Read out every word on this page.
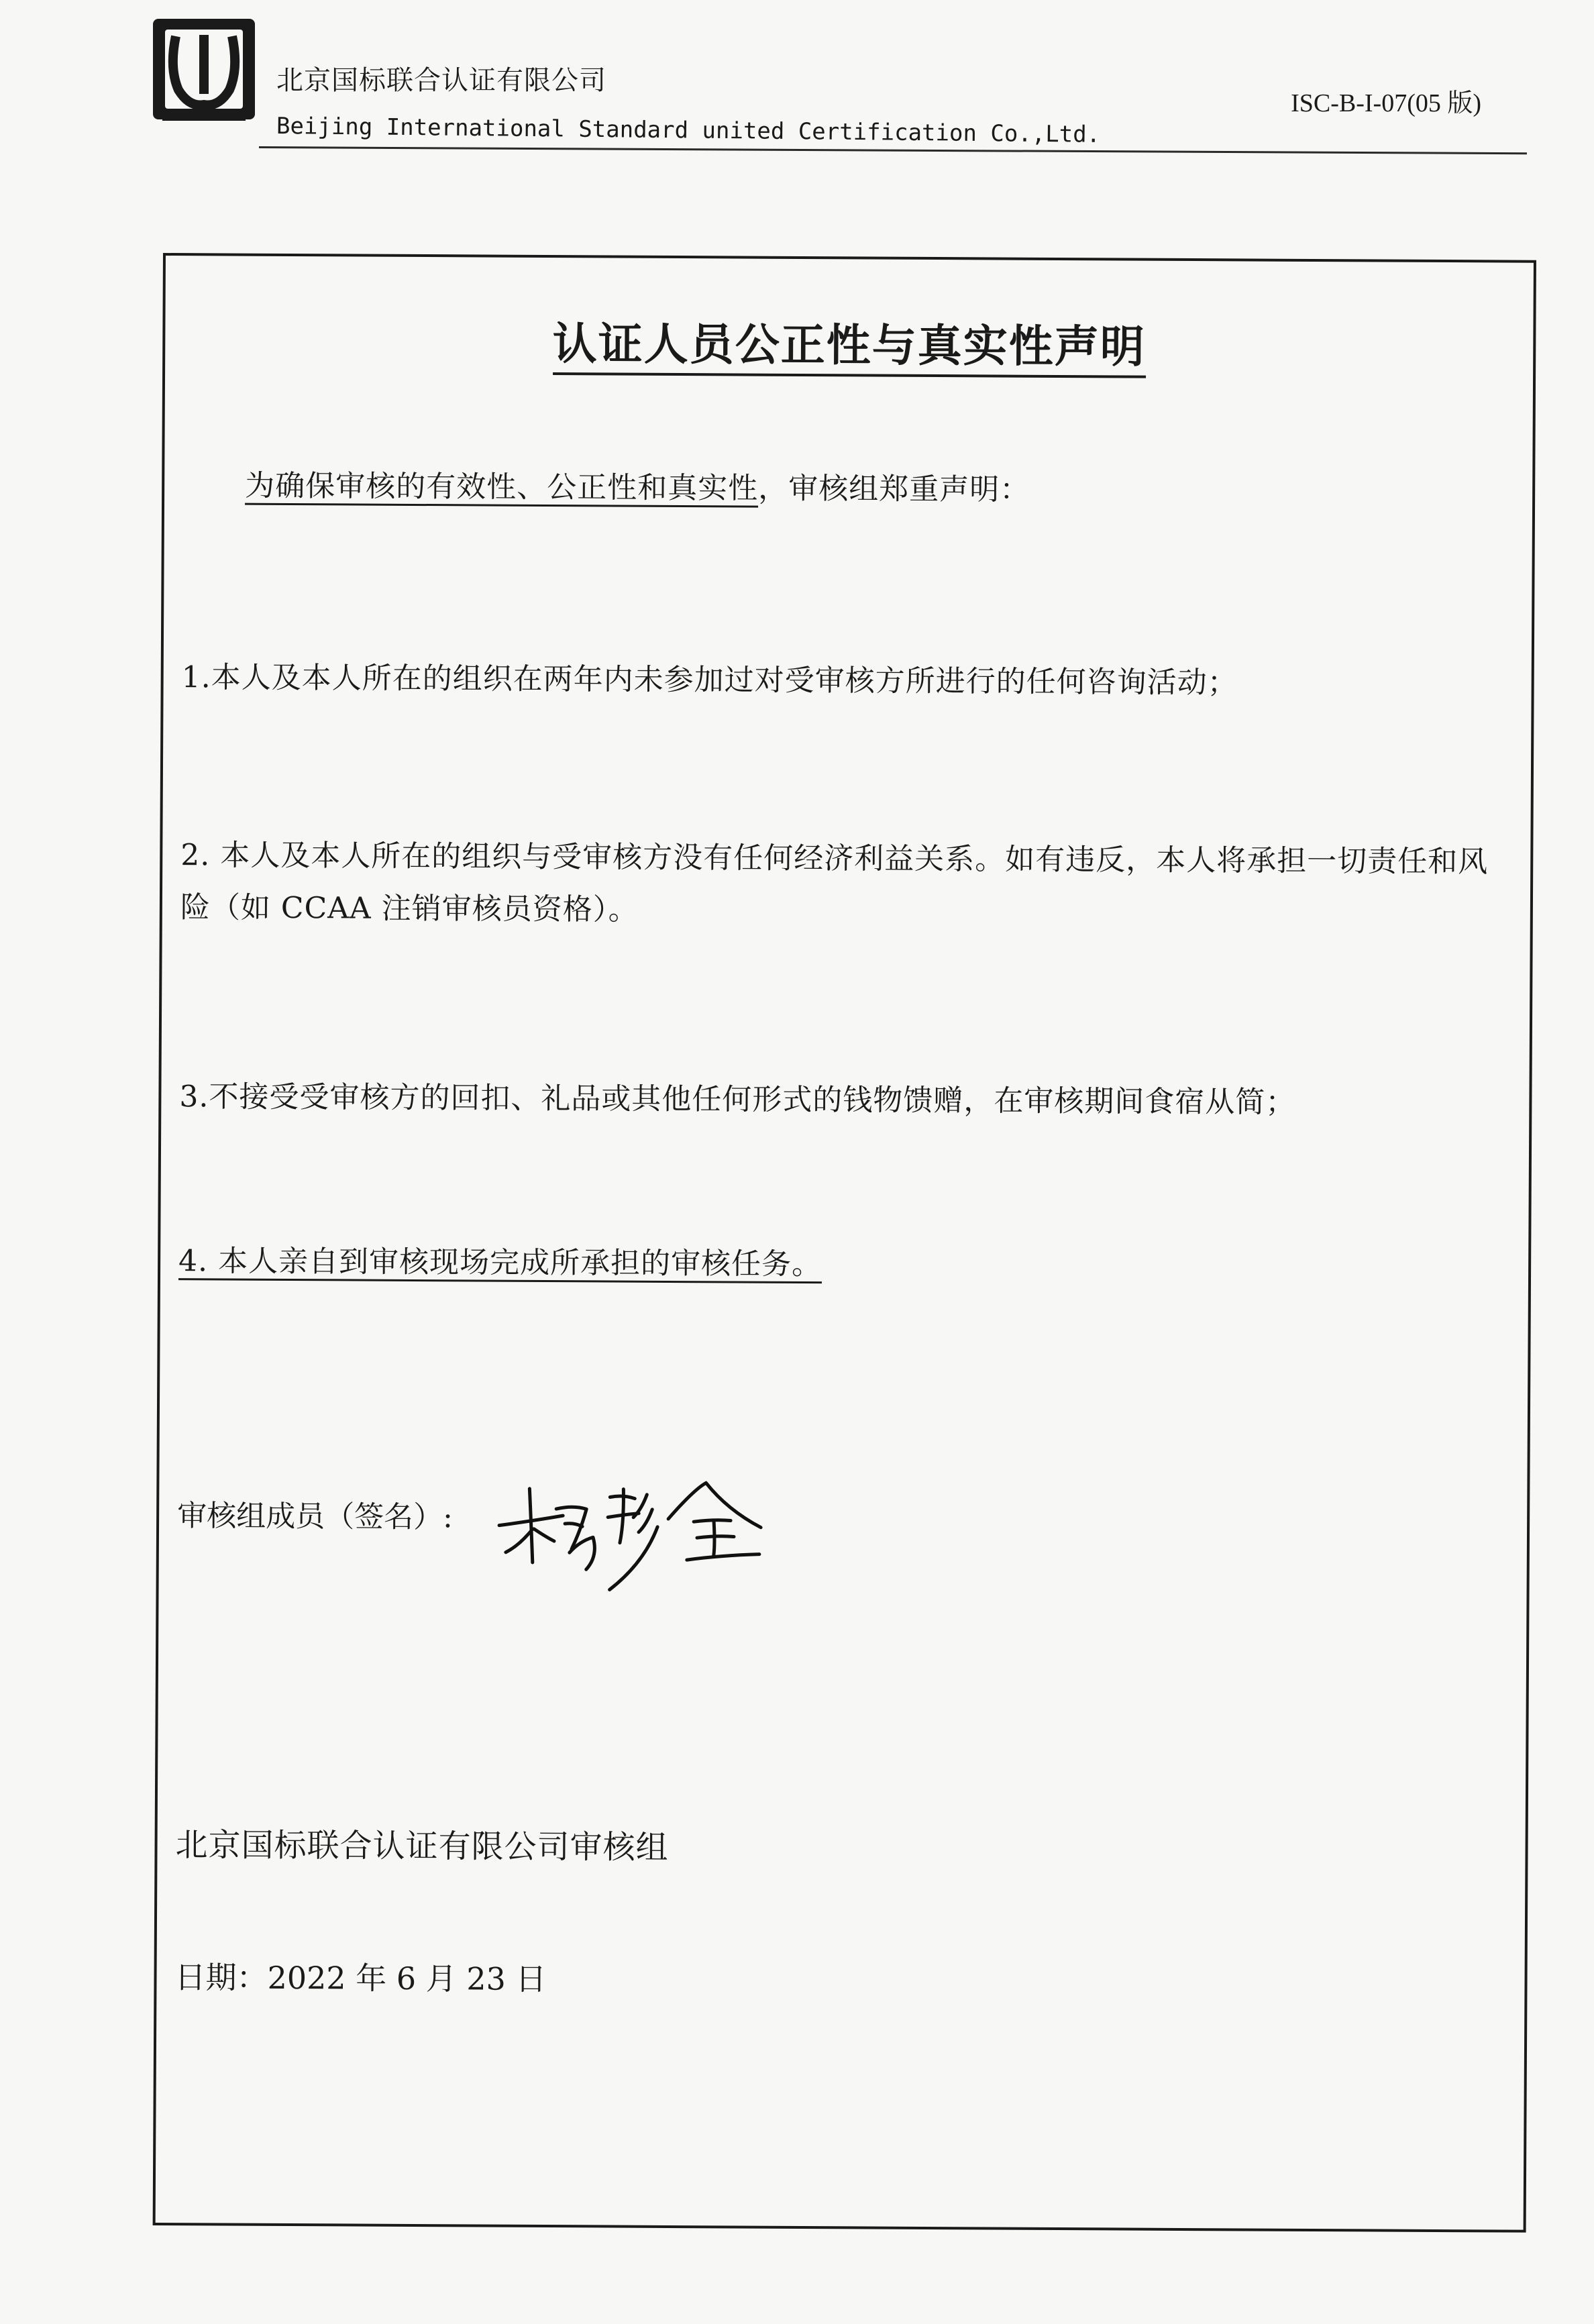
北京国标联合认证有限公司
Beijing International Standard united Certification Co.,Ltd.
ISC-B-I-07(05 版)
认证人员公正性与真实性声明
为确保审核的有效性、公正性和真实性，审核组郑重声明：
1.本人及本人所在的组织在两年内未参加过对受审核方所进行的任何咨询活动；
2. 本人及本人所在的组织与受审核方没有任何经济利益关系。如有违反，本人将承担一切责任和风险（如 CCAA 注销审核员资格）。
3.不接受受审核方的回扣、礼品或其他任何形式的钱物馈赠，在审核期间食宿从简；
4. 本人亲自到审核现场完成所承担的审核任务。
审核组成员（签名）:
北京国标联合认证有限公司审核组
日期：2022 年 6 月 23 日
